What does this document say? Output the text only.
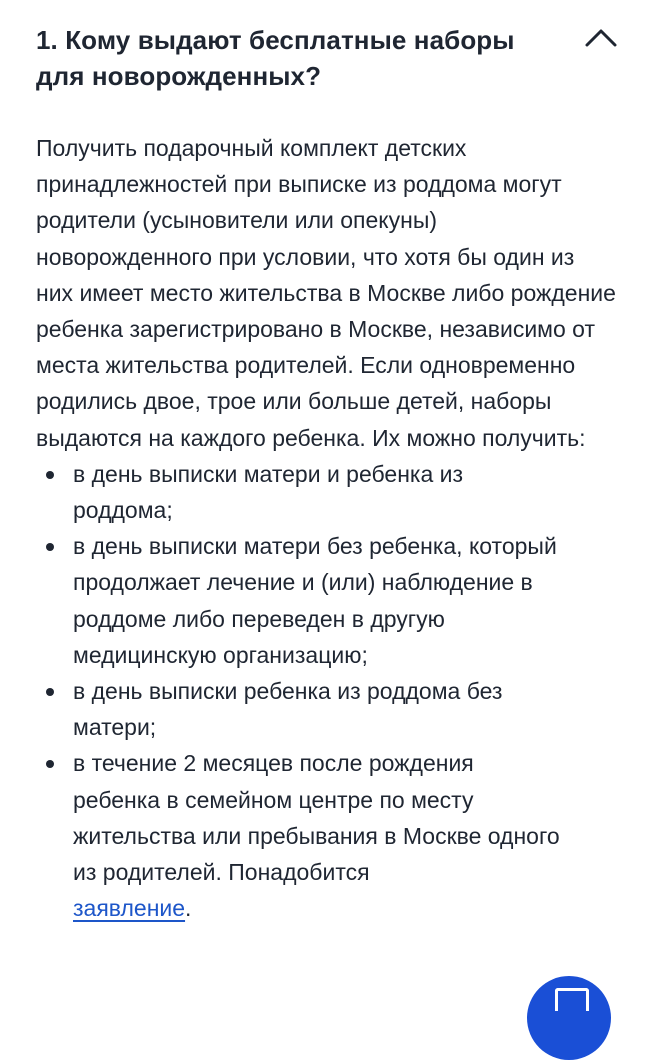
1. Кому выдают бесплатные наборы для новорожденных?

Получить подарочный комплект детских принадлежностей при выписке из роддома могут родители (усыновители или опекуны) новорожденного при условии, что хотя бы один из них имеет место жительства в Москве либо рождение ребенка зарегистрировано в Москве, независимо от места жительства родителей. Если одновременно родились двое, трое или больше детей, наборы выдаются на каждого ребенка. Их можно получить:

в день выписки матери и ребенка из роддома;
в день выписки матери без ребенка, который продолжает лечение и (или) наблюдение в роддоме либо переведен в другую медицинскую организацию;
в день выписки ребенка из роддома без матери;
в течение 2 месяцев после рождения ребенка в семейном центре по месту жительства или пребывания в Москве одного из родителей. Понадобится
заявление.
